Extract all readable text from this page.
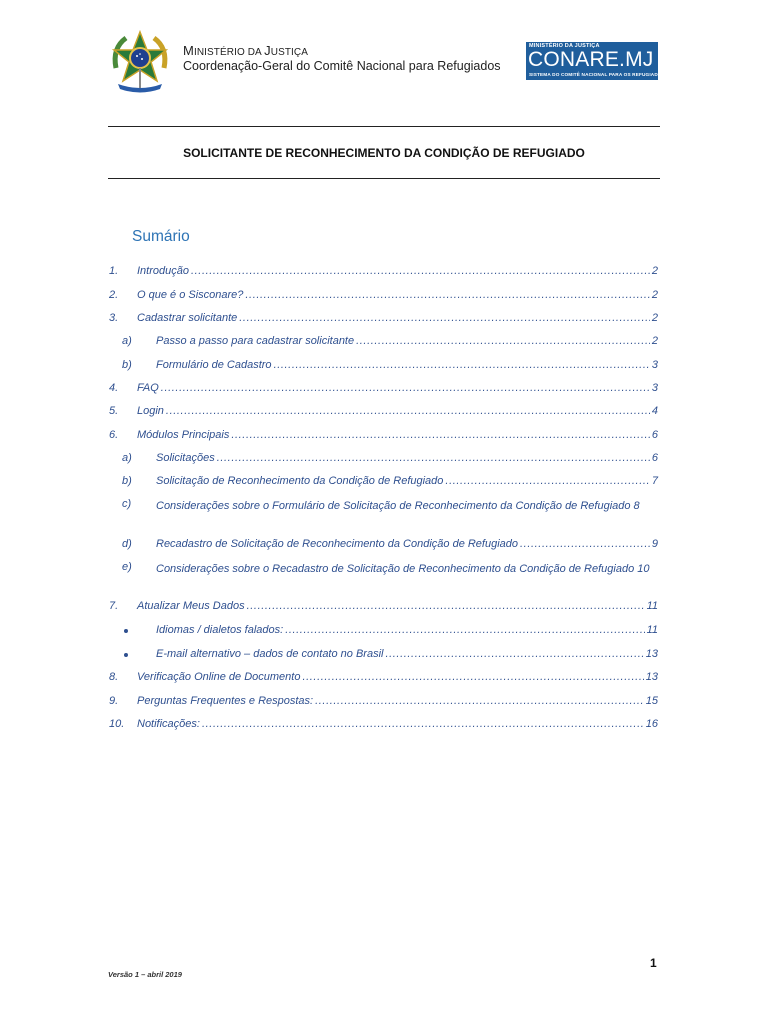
MINISTÉRIO DA JUSTIÇA
Coordenação-Geral do Comitê Nacional para Refugiados
MINISTÉRIO DA JUSTIÇA
CONARE.MJ
SISTEMA DO COMITÊ NACIONAL PARA OS REFUGIADOS
SOLICITANTE DE RECONHECIMENTO DA CONDIÇÃO DE REFUGIADO
Sumário
1. Introdução .....	2
2. O que é o Sisconare? .....	2
3. Cadastrar solicitante .....	2
a) Passo a passo para cadastrar solicitante .....	2
b) Formulário de Cadastro .....	3
4. FAQ .....	3
5. Login .....	4
6. Módulos Principais .....	6
a) Solicitações .....	6
b) Solicitação de Reconhecimento da Condição de Refugiado .....	7
c) Considerações sobre o Formulário de Solicitação de Reconhecimento da Condição de Refugiado 8
d) Recadastro de Solicitação de Reconhecimento da Condição de Refugiado .....	9
e) Considerações sobre o Recadastro de Solicitação de Reconhecimento da Condição de Refugiado 10
7. Atualizar Meus Dados .....	11
Idiomas / dialetos falados: .....	11
E-mail alternativo – dados de contato no Brasil .....	13
8. Verificação Online de Documento .....	13
9. Perguntas Frequentes e Respostas: .....	15
10. Notificações: .....	16
Versão 1 – abril 2019
1
